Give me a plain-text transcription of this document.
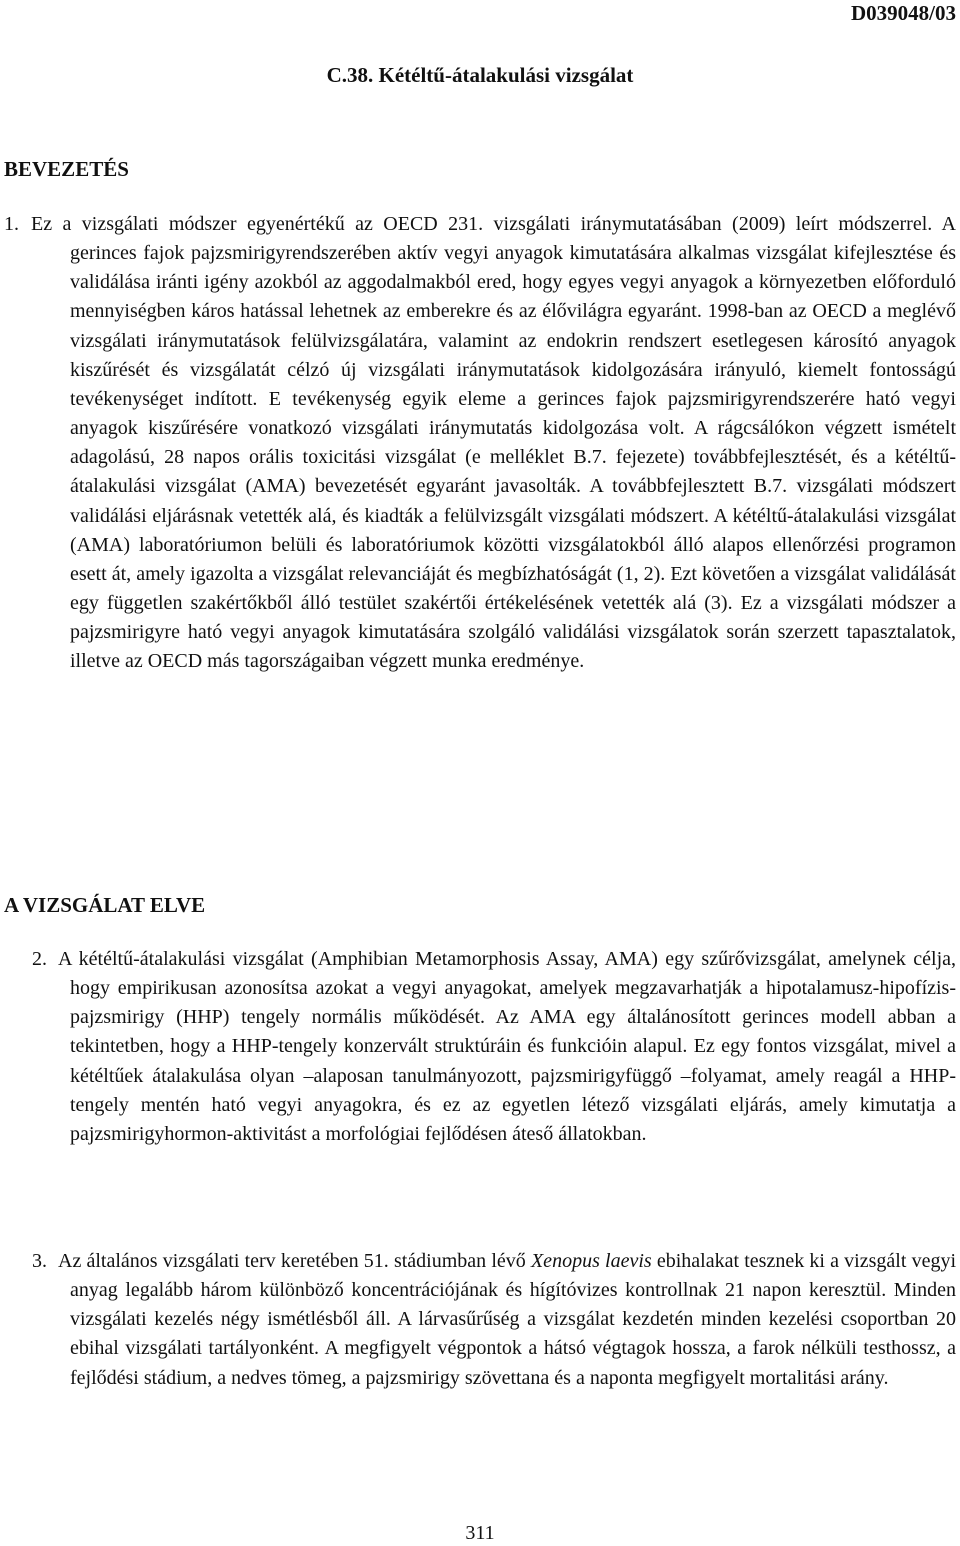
D039048/03
C.38. Kétéltű-átalakulási vizsgálat
BEVEZETÉS
1. Ez a vizsgálati módszer egyenértékű az OECD 231. vizsgálati iránymutatásában (2009) leírt módszerrel. A gerinces fajok pajzsmirigyrendszerében aktív vegyi anyagok kimutatására alkalmas vizsgálat kifejlesztése és validálása iránti igény azokból az aggodalmakból ered, hogy egyes vegyi anyagok a környezetben előforduló mennyiségben káros hatással lehetnek az emberekre és az élővilágra egyaránt. 1998-ban az OECD a meglévő vizsgálati iránymutatások felülvizsgálatára, valamint az endokrin rendszert esetlegesen károsító anyagok kiszűrését és vizsgálatát célzó új vizsgálati iránymutatások kidolgozására irányuló, kiemelt fontosságú tevékenységet indított. E tevékenység egyik eleme a gerinces fajok pajzsmirigyrendszerére ható vegyi anyagok kiszűrésére vonatkozó vizsgálati iránymutatás kidolgozása volt. A rágcsálókon végzett ismételt adagolású, 28 napos orális toxicitási vizsgálat (e melléklet B.7. fejezete) továbbfejlesztését, és a kétéltű-átalakulási vizsgálat (AMA) bevezetését egyaránt javasolták. A továbbfejlesztett B.7. vizsgálati módszert validálási eljárásnak vetették alá, és kiadták a felülvizsgált vizsgálati módszert. A kétéltű-átalakulási vizsgálat (AMA) laboratóriumon belüli és laboratóriumok közötti vizsgálatokból álló alapos ellenőrzési programon esett át, amely igazolta a vizsgálat relevanciáját és megbízhatóságát (1, 2). Ezt követően a vizsgálat validálását egy független szakértőkből álló testület szakértői értékelésének vetették alá (3). Ez a vizsgálati módszer a pajzsmirigyre ható vegyi anyagok kimutatására szolgáló validálási vizsgálatok során szerzett tapasztalatok, illetve az OECD más tagországaiban végzett munka eredménye.
A VIZSGÁLAT ELVE
2. A kétéltű-átalakulási vizsgálat (Amphibian Metamorphosis Assay, AMA) egy szűrővizsgálat, amelynek célja, hogy empirikusan azonosítsa azokat a vegyi anyagokat, amelyek megzavarhatják a hipotalamusz-hipofízis-pajzsmirigy (HHP) tengely normális működését. Az AMA egy általánosított gerinces modell abban a tekintetben, hogy a HHP-tengely konzervált struktúráin és funkcióin alapul. Ez egy fontos vizsgálat, mivel a kétéltűek átalakulása olyan –alaposan tanulmányozott, pajzsmirigyfüggő –folyamat, amely reagál a HHP-tengely mentén ható vegyi anyagokra, és ez az egyetlen létező vizsgálati eljárás, amely kimutatja a pajzsmirigyhormon-aktivitást a morfológiai fejlődésen áteső állatokban.
3. Az általános vizsgálati terv keretében 51. stádiumban lévő Xenopus laevis ebihalakat tesznek ki a vizsgált vegyi anyag legalább három különböző koncentrációjának és hígítóvizes kontrollnak 21 napon keresztül. Minden vizsgálati kezelés négy ismétlésből áll. A lárvasűrűség a vizsgálat kezdetén minden kezelési csoportban 20 ebihal vizsgálati tartályonként. A megfigyelt végpontok a hátsó végtagok hossza, a farok nélküli testhossz, a fejlődési stádium, a nedves tömeg, a pajzsmirigy szövettana és a naponta megfigyelt mortalitási arány.
311
